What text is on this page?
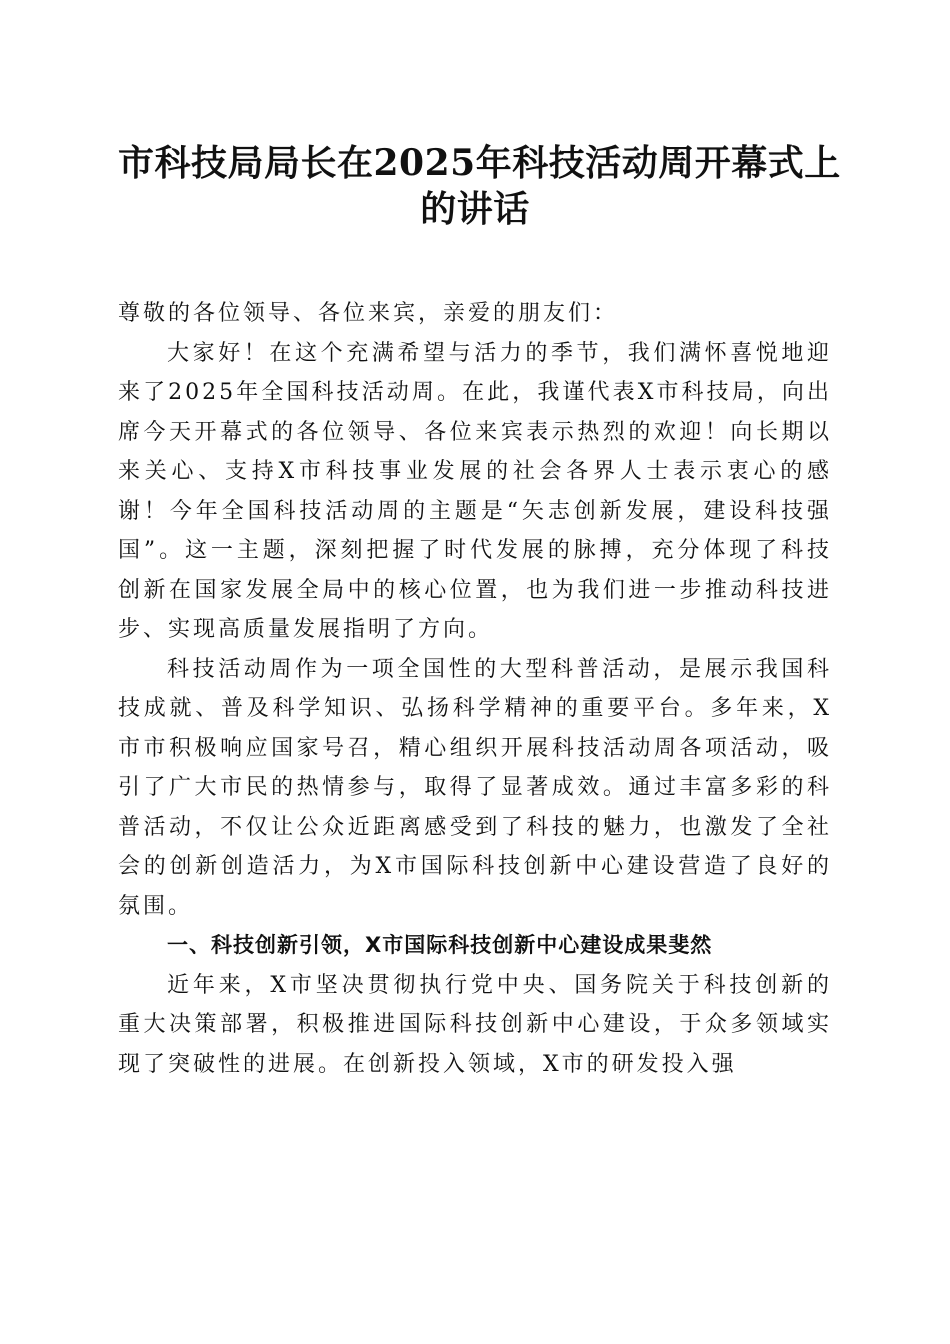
市科技局局长在2025年科技活动周开幕式上
的讲话

尊敬的各位领导、各位来宾，亲爱的朋友们：

大家好！在这个充满希望与活力的季节，我们满怀喜悦地迎来了2025年全国科技活动周。在此，我谨代表X市科技局，向出席今天开幕式的各位领导、各位来宾表示热烈的欢迎！向长期以来关心、支持X市科技事业发展的社会各界人士表示衷心的感谢！今年全国科技活动周的主题是“矢志创新发展，建设科技强国”。这一主题，深刻把握了时代发展的脉搏，充分体现了科技创新在国家发展全局中的核心位置，也为我们进一步推动科技进步、实现高质量发展指明了方向。

科技活动周作为一项全国性的大型科普活动，是展示我国科技成就、普及科学知识、弘扬科学精神的重要平台。多年来，X市市积极响应国家号召，精心组织开展科技活动周各项活动，吸引了广大市民的热情参与，取得了显著成效。通过丰富多彩的科普活动，不仅让公众近距离感受到了科技的魅力，也激发了全社会的创新创造活力，为X市国际科技创新中心建设营造了良好的氛围。

一、科技创新引领，X市国际科技创新中心建设成果斐然

近年来，X市坚决贯彻执行党中央、国务院关于科技创新的重大决策部署，积极推进国际科技创新中心建设，于众多领域实现了突破性的进展。在创新投入领域，X市的研发投入强
